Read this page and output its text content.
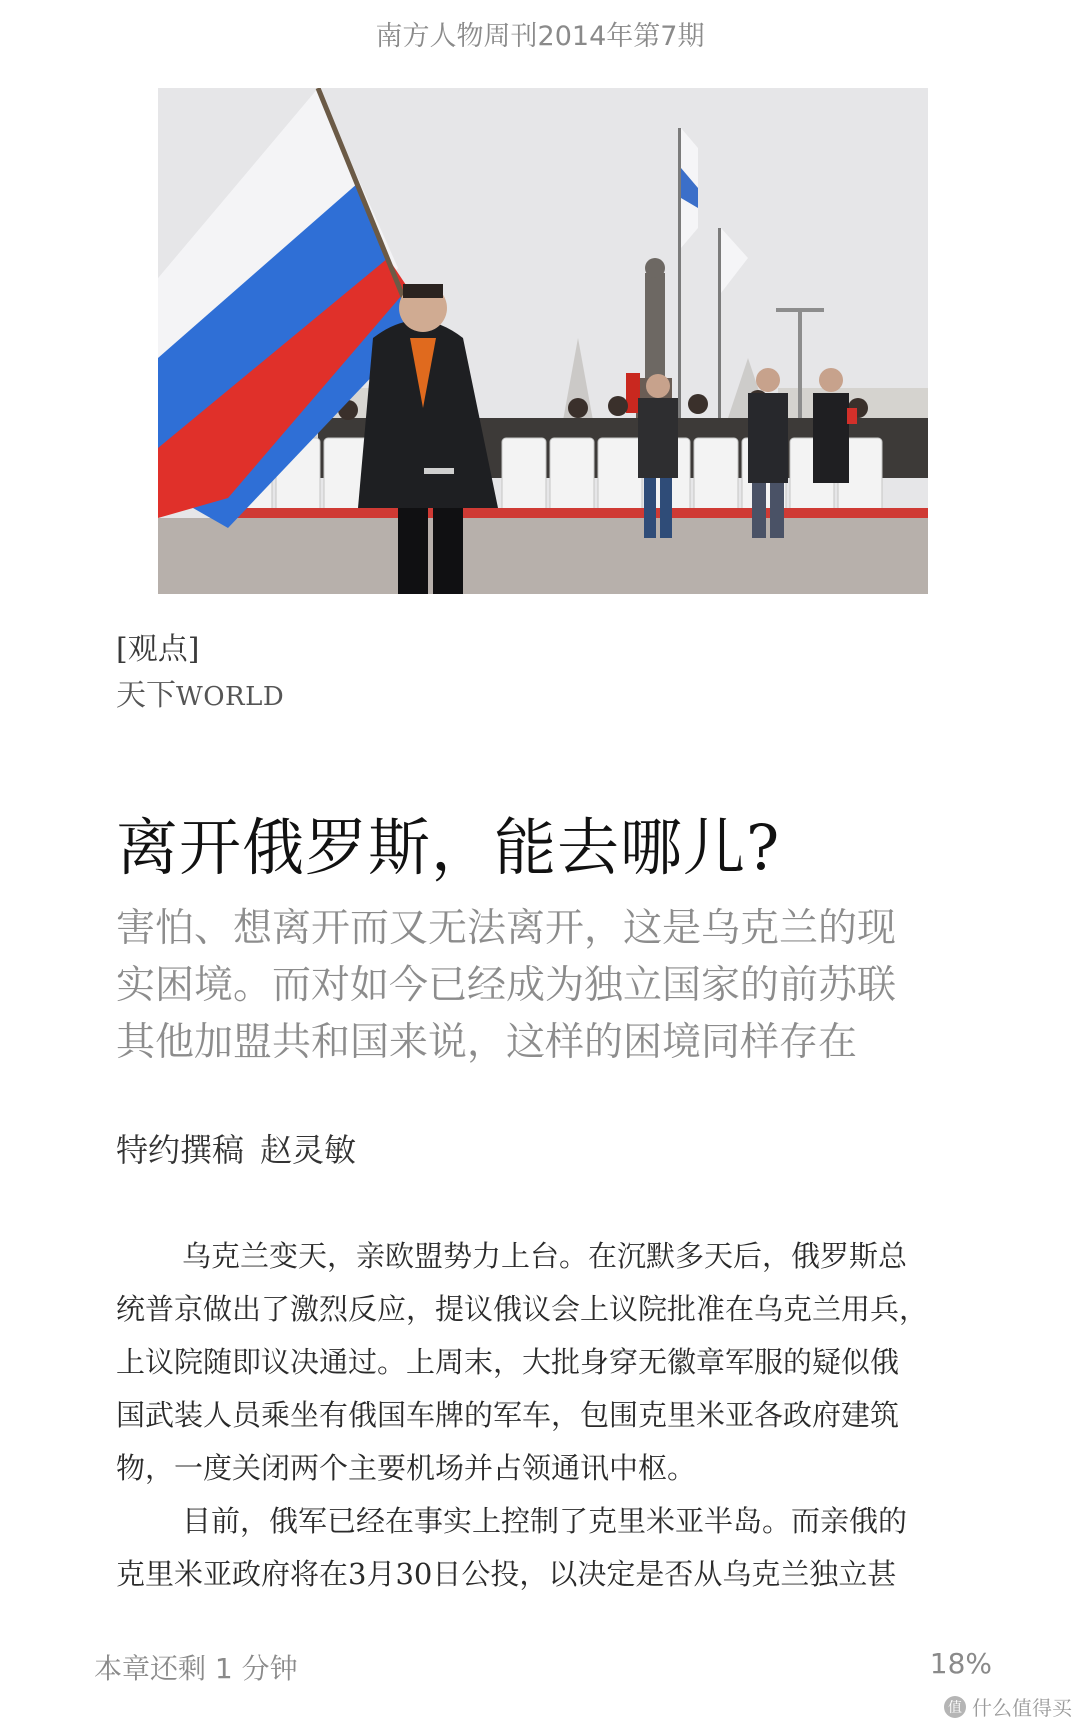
南方人物周刊2014年第7期
[观点]
天下WORLD
离开俄罗斯，能去哪儿?
害怕、想离开而又无法离开，这是乌克兰的现
实困境。而对如今已经成为独立国家的前苏联
其他加盟共和国来说，这样的困境同样存在
特约撰稿 赵灵敏
乌克兰变天，亲欧盟势力上台。在沉默多天后，俄罗斯总
统普京做出了激烈反应，提议俄议会上议院批准在乌克兰用兵，
上议院随即议决通过。上周末，大批身穿无徽章军服的疑似俄
国武装人员乘坐有俄国车牌的军车，包围克里米亚各政府建筑
物，一度关闭两个主要机场并占领通讯中枢。
目前，俄军已经在事实上控制了克里米亚半岛。而亲俄的
克里米亚政府将在3月30日公投，以决定是否从乌克兰独立甚
本章还剩 1 分钟	18%
值 什么值得买
